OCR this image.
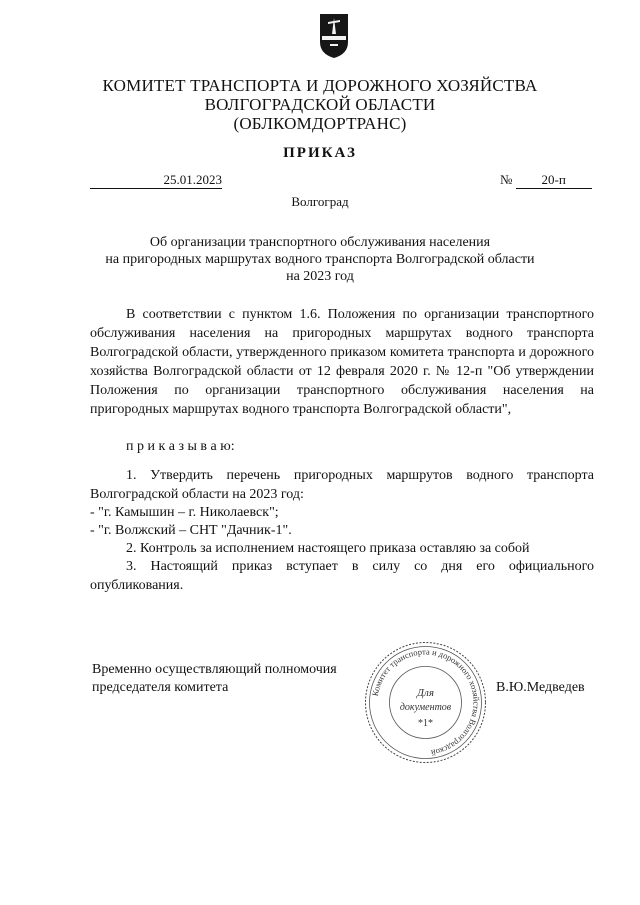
КОМИТЕТ ТРАНСПОРТА И ДОРОЖНОГО ХОЗЯЙСТВА
ВОЛГОГРАДСКОЙ ОБЛАСТИ
(ОБЛКОМДОРТРАНС)
ПРИКАЗ
25.01.2023	№ 20-п
Волгоград
Об организации транспортного обслуживания населения
на пригородных маршрутах водного транспорта Волгоградской области
на 2023 год
В соответствии с пунктом 1.6. Положения по организации транспортного обслуживания населения на пригородных маршрутах водного транспорта Волгоградской области, утвержденного приказом комитета транспорта и дорожного хозяйства Волгоградской области от 12 февраля 2020 г. № 12-п "Об утверждении Положения по организации транспортного обслуживания населения на пригородных маршрутах водного транспорта Волгоградской области",
п р и к а з ы в а ю:
1. Утвердить перечень пригородных маршрутов водного транспорта Волгоградской области на 2023 год:
- "г. Камышин – г. Николаевск";
- "г. Волжский – СНТ "Дачник-1".
2. Контроль за исполнением настоящего приказа оставляю за собой
3. Настоящий приказ вступает в силу со дня его официального опубликования.
Временно осуществляющий полномочия
председателя комитета	В.Ю.Медведев
Комитет транспорта и дорожного хозяйства Волгоградской
Для
документов
*1*
